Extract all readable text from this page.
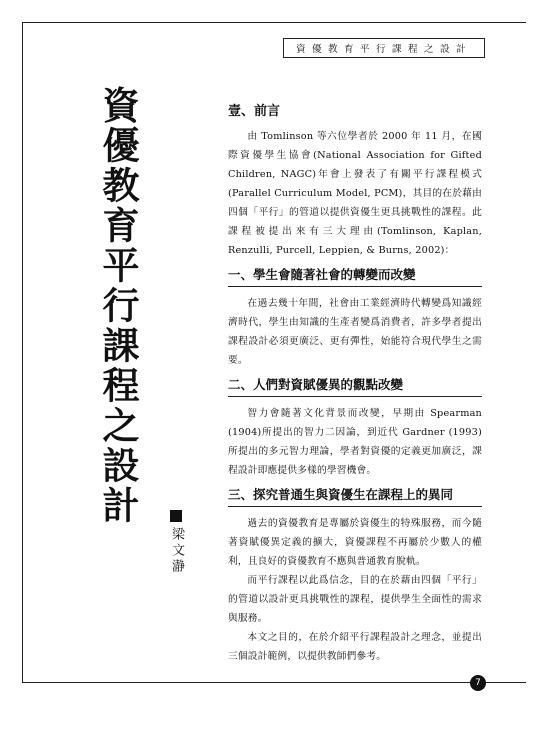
資優教育平行課程之設計
資優教育平行課程之設計
梁文瀞
壹、前言

由 Tomlinson 等六位學者於 2000 年 11 月，在國際資優學生協會(National Association for Gifted Children, NAGC)年會上發表了有關平行課程模式(Parallel Curriculum Model, PCM)，其目的在於藉由四個「平行」的管道以提供資優生更具挑戰性的課程。此課程被提出來有三大理由(Tomlinson, Kaplan, Renzulli, Purcell, Leppien, & Burns, 2002)：

一、學生會隨著社會的轉變而改變

在過去幾十年間，社會由工業經濟時代轉變爲知識經濟時代，學生由知識的生產者變爲消費者，許多學者提出課程設計必須更廣泛、更有彈性，始能符合現代學生之需要。

二、人們對資賦優異的觀點改變

智力會隨著文化背景而改變，早期由 Spearman (1904)所提出的智力二因論，到近代 Gardner (1993)所提出的多元智力理論，學者對資優的定義更加廣泛，課程設計即應提供多樣的學習機會。

三、探究普通生與資優生在課程上的異同

過去的資優教育是專屬於資優生的特殊服務，而今隨著資賦優異定義的擴大，資優課程不再屬於少數人的權利，且良好的資優教育不應與普通教育脫軌。

而平行課程以此爲信念，目的在於藉由四個「平行」的管道以設計更具挑戰性的課程，提供學生全面性的需求與服務。

本文之目的，在於介紹平行課程設計之理念，並提出三個設計範例，以提供教師們參考。

7
